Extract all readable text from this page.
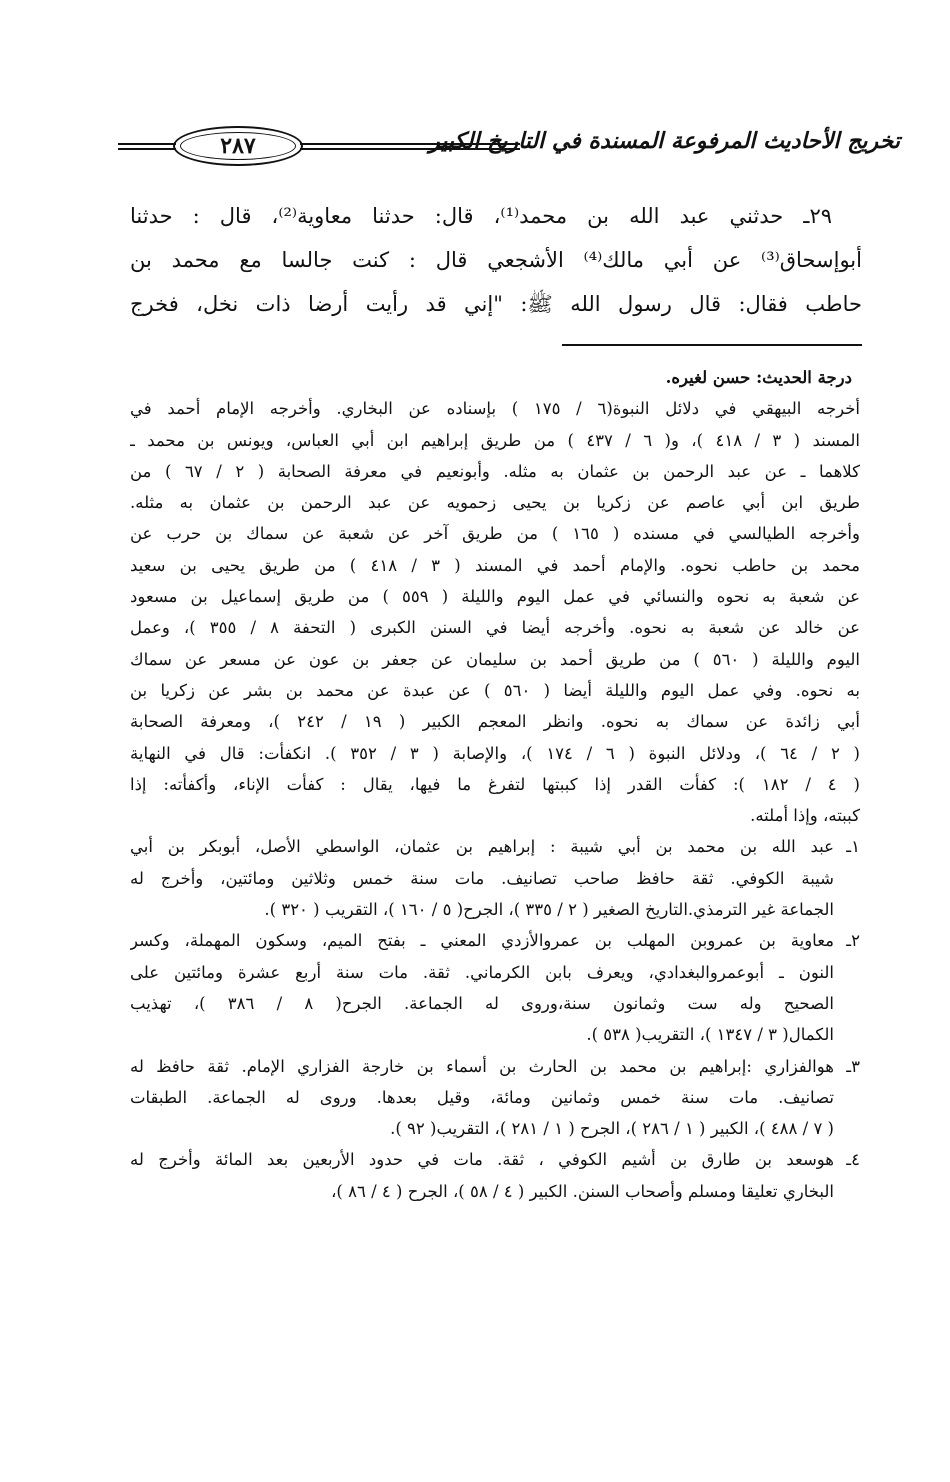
تخريج الأحاديث المرفوعة المسندة في التاريخ الكبير
٢٨٧
٢٩ـ حدثني عبد الله بن محمد⁽¹⁾، قال: حدثنا معاوية⁽²⁾، قال : حدثنا
أبوإسحاق⁽³⁾ عن أبي مالك⁽⁴⁾ الأشجعي قال : كنت جالسا مع محمد بن
حاطب فقال: قال رسول الله ﷺ: "إني قد رأيت أرضا ذات نخل، فخرج
درجة الحديث: حسن لغيره.
أخرجه البيهقي في دلائل النبوة(٦ / ١٧٥ ) بإسناده عن البخاري. وأخرجه الإمام أحمد في
المسند ( ٣ / ٤١٨ )، و( ٦ / ٤٣٧ ) من طريق إبراهيم ابن أبي العباس، ويونس بن محمد ـ
كلاهما ـ عن عبد الرحمن بن عثمان به مثله. وأبونعيم في معرفة الصحابة ( ٢ / ٦٧ ) من
طريق ابن أبي عاصم عن زكريا بن يحيى زحمويه عن عبد الرحمن بن عثمان به مثله.
وأخرجه الطيالسي في مسنده ( ١٦٥ ) من طريق آخر عن شعبة عن سماك بن حرب عن
محمد بن حاطب نحوه. والإمام أحمد في المسند ( ٣ / ٤١٨ ) من طريق يحيى بن سعيد
عن شعبة به نحوه والنسائي في عمل اليوم والليلة ( ٥٥٩ ) من طريق إسماعيل بن مسعود
عن خالد عن شعبة به نحوه. وأخرجه أيضا في السنن الكبرى ( التحفة ٨ / ٣٥٥ )، وعمل
اليوم والليلة ( ٥٦٠ ) من طريق أحمد بن سليمان عن جعفر بن عون عن مسعر عن سماك
به نحوه. وفي عمل اليوم والليلة أيضا ( ٥٦٠ ) عن عبدة عن محمد بن بشر عن زكريا بن
أبي زائدة عن سماك به نحوه. وانظر المعجم الكبير ( ١٩ / ٢٤٢ )، ومعرفة الصحابة
( ٢ / ٦٤ )، ودلائل النبوة ( ٦ / ١٧٤ )، والإصابة ( ٣ / ٣٥٢ ). انكفأت: قال في النهاية
( ٤ / ١٨٢ ): كفأت القدر إذا كببتها لتفرغ ما فيها، يقال : كفأت الإناء، وأكفأته: إذا
كببته، وإذا أملته.
١ـ
عبد الله بن محمد بن أبي شيبة : إبراهيم بن عثمان، الواسطي الأصل، أبوبكر بن أبي
شيبة الكوفي. ثقة حافظ صاحب تصانيف. مات سنة خمس وثلاثين ومائتين، وأخرج له
الجماعة غير الترمذي.التاريخ الصغير ( ٢ / ٣٣٥ )، الجرح( ٥ / ١٦٠ )، التقريب ( ٣٢٠ ).
٢ـ
معاوية بن عمروبن المهلب بن عمروالأزدي المعني ـ بفتح الميم، وسكون المهملة، وكسر
النون ـ أبوعمروالبغدادي، ويعرف بابن الكرماني. ثقة. مات سنة أربع عشرة ومائتين على
الصحيح وله ست وثمانون سنة،وروى له الجماعة. الجرح( ٨ / ٣٨٦ )، تهذيب
الكمال( ٣ / ١٣٤٧ )، التقريب( ٥٣٨ ).
٣ـ
هوالفزاري :إبراهيم بن محمد بن الحارث بن أسماء بن خارجة الفزاري الإمام. ثقة حافظ له
تصانيف. مات سنة خمس وثمانين ومائة، وقيل بعدها. وروى له الجماعة. الطبقات
( ٧ / ٤٨٨ )، الكبير ( ١ / ٢٨٦ )، الجرح ( ١ / ٢٨١ )، التقريب( ٩٢ ).
٤ـ
هوسعد بن طارق بن أشيم الكوفي ، ثقة. مات في حدود الأربعين بعد المائة وأخرج له
البخاري تعليقا ومسلم وأصحاب السنن. الكبير ( ٤ / ٥٨ )، الجرح ( ٤ / ٨٦ )،
